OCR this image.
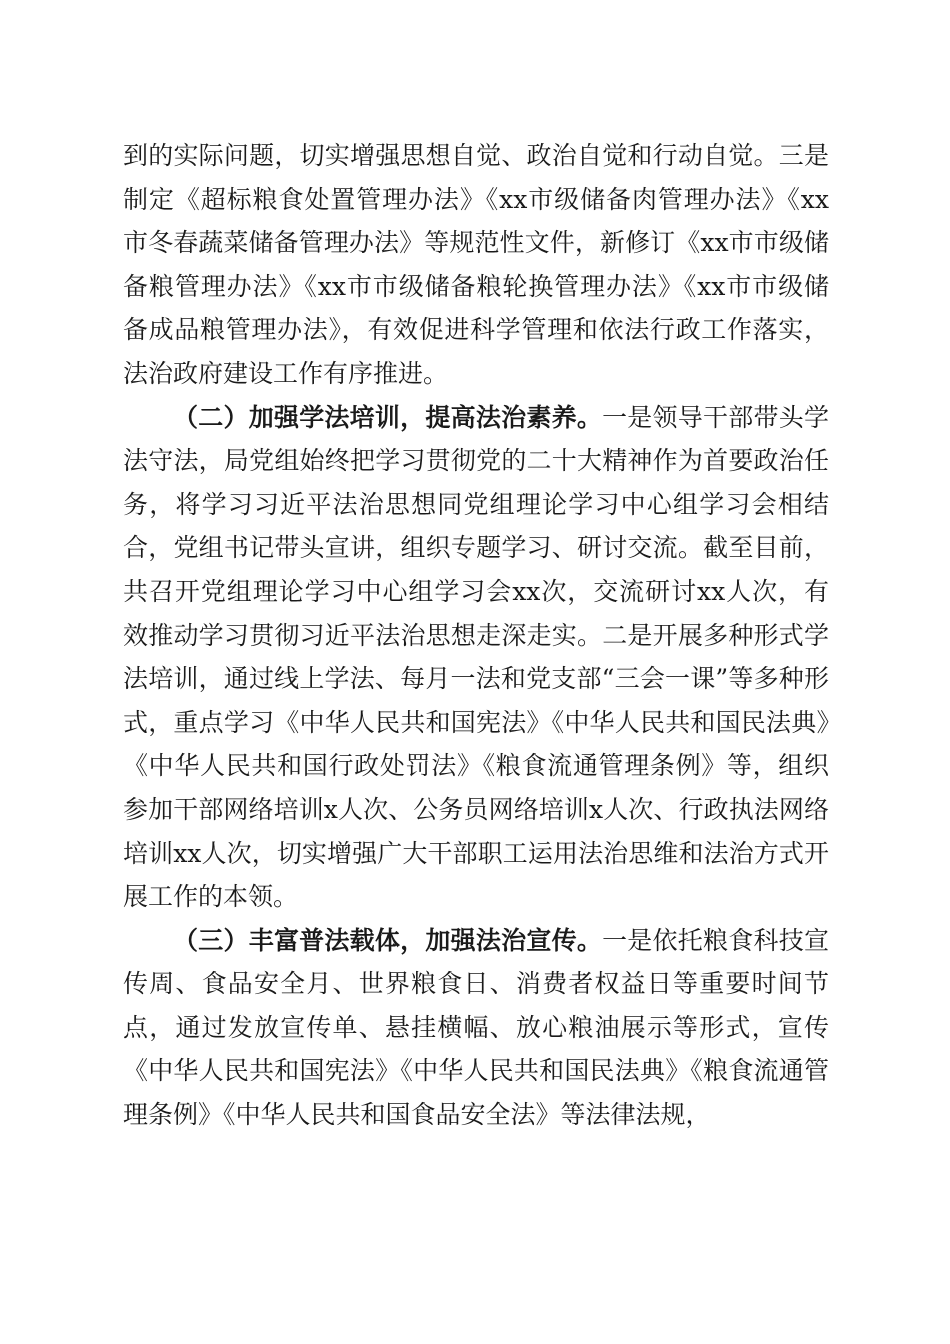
到的实际问题，切实增强思想自觉、政治自觉和行动自觉。三是制定《超标粮食处置管理办法》《xx市级储备肉管理办法》《xx市冬春蔬菜储备管理办法》等规范性文件，新修订《xx市市级储备粮管理办法》《xx市市级储备粮轮换管理办法》《xx市市级储备成品粮管理办法》，有效促进科学管理和依法行政工作落实，法治政府建设工作有序推进。

（二）加强学法培训，提高法治素养。一是领导干部带头学法守法，局党组始终把学习贯彻党的二十大精神作为首要政治任务，将学习习近平法治思想同党组理论学习中心组学习会相结合，党组书记带头宣讲，组织专题学习、研讨交流。截至目前，共召开党组理论学习中心组学习会xx次，交流研讨xx人次，有效推动学习贯彻习近平法治思想走深走实。二是开展多种形式学法培训，通过线上学法、每月一法和党支部“三会一课”等多种形式，重点学习《中华人民共和国宪法》《中华人民共和国民法典》《中华人民共和国行政处罚法》《粮食流通管理条例》等，组织参加干部网络培训x人次、公务员网络培训x人次、行政执法网络培训xx人次，切实增强广大干部职工运用法治思维和法治方式开展工作的本领。

（三）丰富普法载体，加强法治宣传。一是依托粮食科技宣传周、食品安全月、世界粮食日、消费者权益日等重要时间节点，通过发放宣传单、悬挂横幅、放心粮油展示等形式，宣传《中华人民共和国宪法》《中华人民共和国民法典》《粮食流通管理条例》《中华人民共和国食品安全法》等法律法规，
